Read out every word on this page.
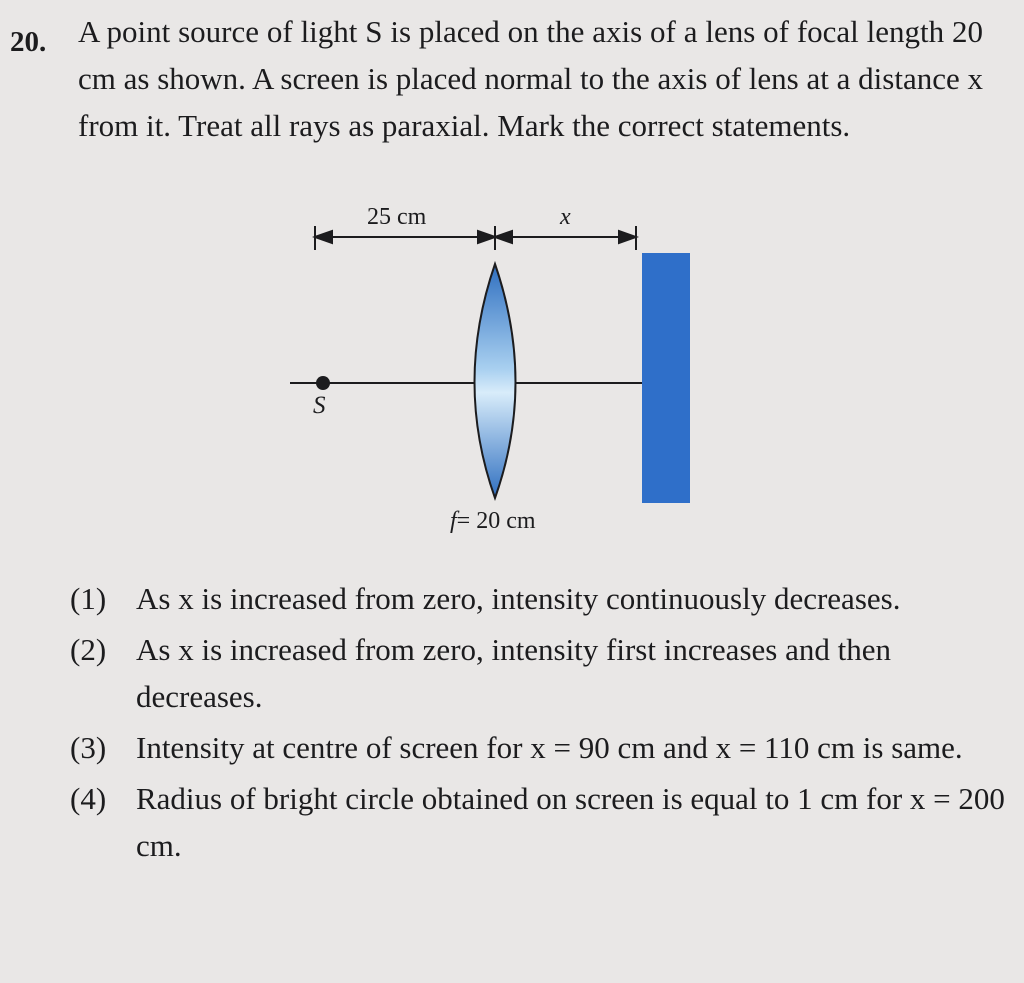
20. A point source of light S is placed on the axis of a lens of focal length 20 cm as shown. A screen is placed normal to the axis of lens at a distance x from it. Treat all rays as paraxial. Mark the correct statements.
25 cm	x
S
f= 20 cm
(1) As x is increased from zero, intensity continuously decreases.
(2) As x is increased from zero, intensity first increases and then decreases.
(3) Intensity at centre of screen for x = 90 cm and x = 110 cm is same.
(4) Radius of bright circle obtained on screen is equal to 1 cm for x = 200 cm.
